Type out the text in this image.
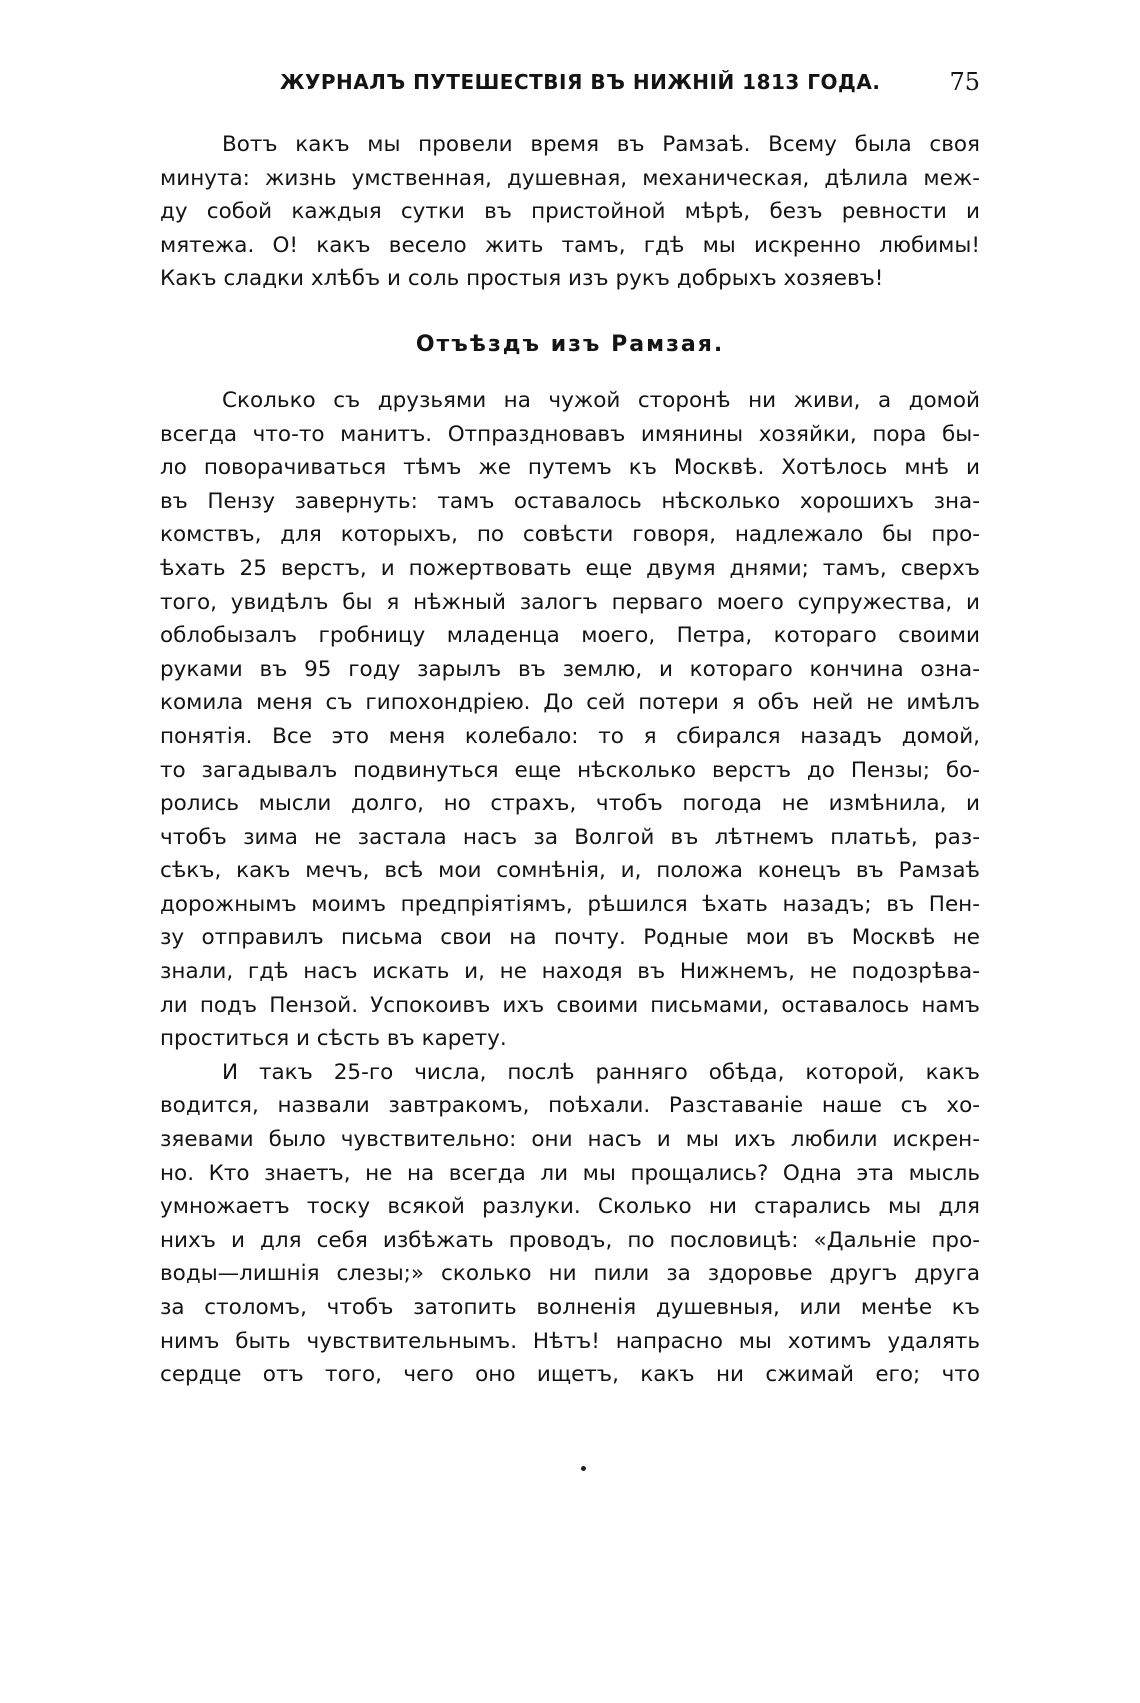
ЖУРНАЛЪ ПУТЕШЕСТВІЯ ВЪ НИЖНІЙ 1813 ГОДА.	75
Вотъ какъ мы провели время въ Рамзаѣ. Всему была своя
минута: жизнь умственная, душевная, механическая, дѣлила меж-
ду собой каждыя сутки въ пристойной мѣрѣ, безъ ревности и
мятежа. О! какъ весело жить тамъ, гдѣ мы искренно любимы!
Какъ сладки хлѣбъ и соль простыя изъ рукъ добрыхъ хозяевъ!
Отъѣздъ изъ Рамзая.
Сколько съ друзьями на чужой сторонѣ ни живи, а домой
всегда что-то манитъ. Отпраздновавъ имянины хозяйки, пора бы-
ло поворачиваться тѣмъ же путемъ къ Москвѣ. Хотѣлось мнѣ и
въ Пензу завернуть: тамъ оставалось нѣсколько хорошихъ зна-
комствъ, для которыхъ, по совѣсти говоря, надлежало бы про-
ѣхать 25 верстъ, и пожертвовать еще двумя днями; тамъ, сверхъ
того, увидѣлъ бы я нѣжный залогъ перваго моего супружества, и
облобызалъ гробницу младенца моего, Петра, котораго своими
руками въ 95 году зарылъ въ землю, и котораго кончина озна-
комила меня съ гипохондріею. До сей потери я объ ней не имѣлъ
понятія. Все это меня колебало: то я сбирался назадъ домой,
то загадывалъ подвинуться еще нѣсколько верстъ до Пензы; бо-
ролись мысли долго, но страхъ, чтобъ погода не измѣнила, и
чтобъ зима не застала насъ за Волгой въ лѣтнемъ платьѣ, раз-
сѣкъ, какъ мечъ, всѣ мои сомнѣнія, и, положа конецъ въ Рамзаѣ
дорожнымъ моимъ предпріятіямъ, рѣшился ѣхать назадъ; въ Пен-
зу отправилъ письма свои на почту. Родные мои въ Москвѣ не
знали, гдѣ насъ искать и, не находя въ Нижнемъ, не подозрѣва-
ли подъ Пензой. Успокоивъ ихъ своими письмами, оставалось намъ
проститься и сѣсть въ карету.
И такъ 25-го числа, послѣ ранняго обѣда, которой, какъ
водится, назвали завтракомъ, поѣхали. Разставаніе наше съ хо-
зяевами было чувствительно: они насъ и мы ихъ любили искрен-
но. Кто знаетъ, не на всегда ли мы прощались? Одна эта мысль
умножаетъ тоску всякой разлуки. Сколько ни старались мы для
нихъ и для себя избѣжать проводъ, по пословицѣ: «Дальніе про-
воды—лишнія слезы;» сколько ни пили за здоровье другъ друга
за столомъ, чтобъ затопить волненія душевныя, или менѣе къ
нимъ быть чувствительнымъ. Нѣтъ! напрасно мы хотимъ удалять
сердце отъ того, чего оно ищетъ, какъ ни сжимай его; что
